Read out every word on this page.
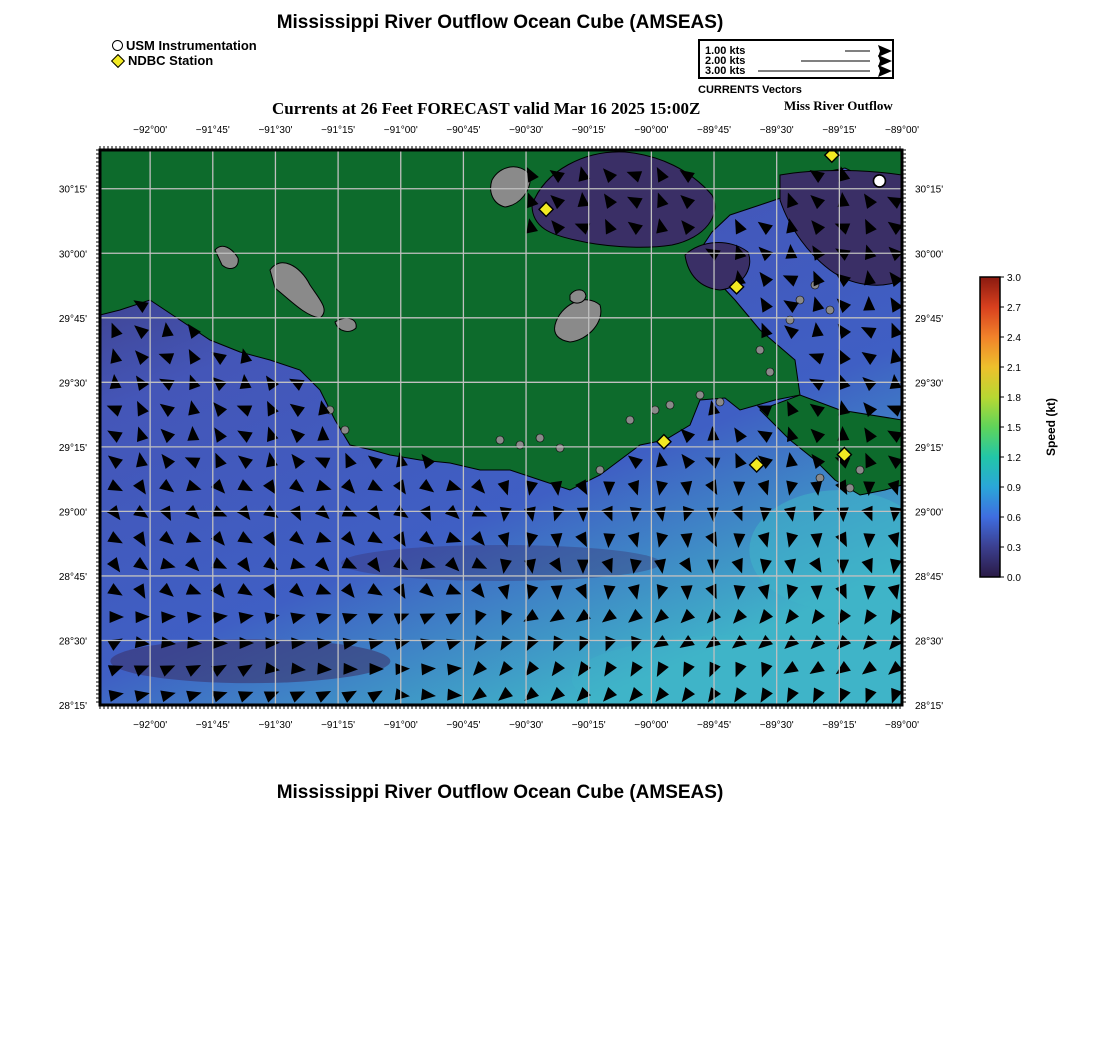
−92°00'
−92°00'
−91°45'
−91°45'
−91°30'
−91°30'
−91°15'
−91°15'
−91°00'
−91°00'
−90°45'
−90°45'
−90°30'
−90°30'
−90°15'
−90°15'
−90°00'
−90°00'
−89°45'
−89°45'
−89°30'
−89°30'
−89°15'
−89°15'
−89°00'
−89°00'
30°15'	30°15'
30°00'	30°00'
29°45'	29°45'
29°30'	29°30'
29°15'	29°15'
29°00'	29°00'
28°45'	28°45'
28°30'	28°30'
28°15'	28°15'
Mississippi River Outflow Ocean Cube (AMSEAS)
USM Instrumentation
NDBC Station
1.00 kts
2.00 kts
3.00 kts
CURRENTS Vectors
Currents at 26 Feet FORECAST valid Mar 16 2025 15:00Z	Miss River Outflow
3.0
2.7
2.4
2.1
1.8
1.5
1.2
0.9
0.6
0.3
0.0
Speed (kt)
Mississippi River Outflow Ocean Cube (AMSEAS)
